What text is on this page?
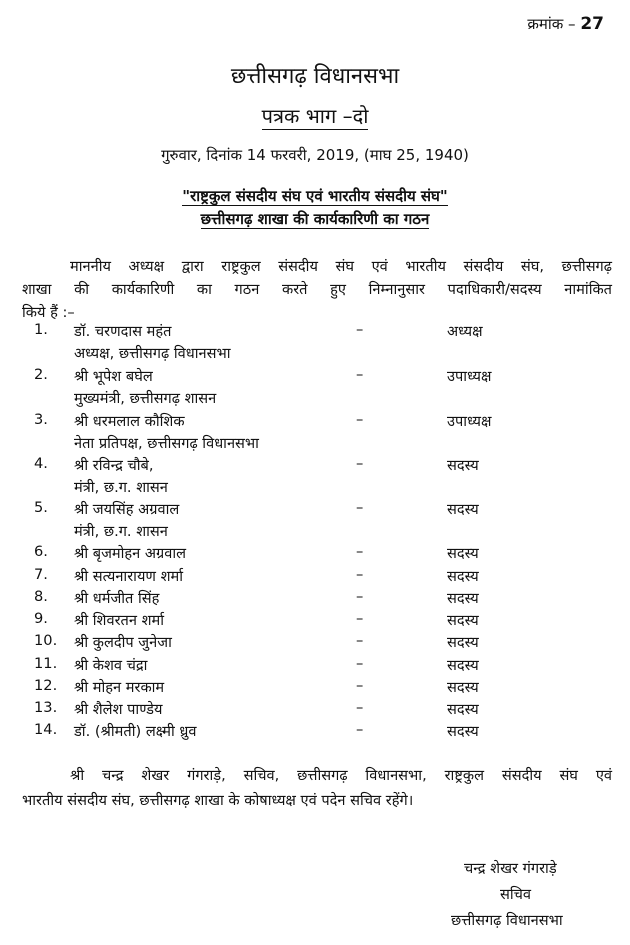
क्रमांक – 27
छत्तीसगढ़ विधानसभा
पत्रक भाग –दो
गुरुवार, दिनांक 14 फरवरी, 2019, (माघ 25, 1940)
"राष्ट्रकुल संसदीय संघ एवं भारतीय संसदीय संघ"
छत्तीसगढ़ शाखा की कार्यकारिणी का गठन
माननीय अध्यक्ष द्वारा राष्ट्रकुल संसदीय संघ एवं भारतीय संसदीय संघ, छत्तीसगढ़
शाखा की कार्यकारिणी का गठन करते हुए निम्नानुसार पदाधिकारी/सदस्य नामांकित
किये हैं :–
1. डॉ. चरणदास महंत	–	अध्यक्ष
अध्यक्ष, छत्तीसगढ़ विधानसभा
2. श्री भूपेश बघेल	–	उपाध्यक्ष
मुख्यमंत्री, छत्तीसगढ़ शासन
3. श्री धरमलाल कौशिक	–	उपाध्यक्ष
नेता प्रतिपक्ष, छत्तीसगढ़ विधानसभा
4. श्री रविन्द्र चौबे,	–	सदस्य
मंत्री, छ.ग. शासन
5. श्री जयसिंह अग्रवाल	–	सदस्य
मंत्री, छ.ग. शासन
6. श्री बृजमोहन अग्रवाल	–	सदस्य
7. श्री सत्यनारायण शर्मा	–	सदस्य
8. श्री धर्मजीत सिंह	–	सदस्य
9. श्री शिवरतन शर्मा	–	सदस्य
10. श्री कुलदीप जुनेजा	–	सदस्य
11. श्री केशव चंद्रा	–	सदस्य
12. श्री मोहन मरकाम	–	सदस्य
13. श्री शैलेश पाण्डेय	–	सदस्य
14. डॉ. (श्रीमती) लक्ष्मी ध्रुव	–	सदस्य
श्री चन्द्र शेखर गंगराड़े, सचिव, छत्तीसगढ़ विधानसभा, राष्ट्रकुल संसदीय संघ एवं
भारतीय संसदीय संघ, छत्तीसगढ़ शाखा के कोषाध्यक्ष एवं पदेन सचिव रहेंगे।
चन्द्र शेखर गंगराड़े
सचिव
छत्तीसगढ़ विधानसभा
